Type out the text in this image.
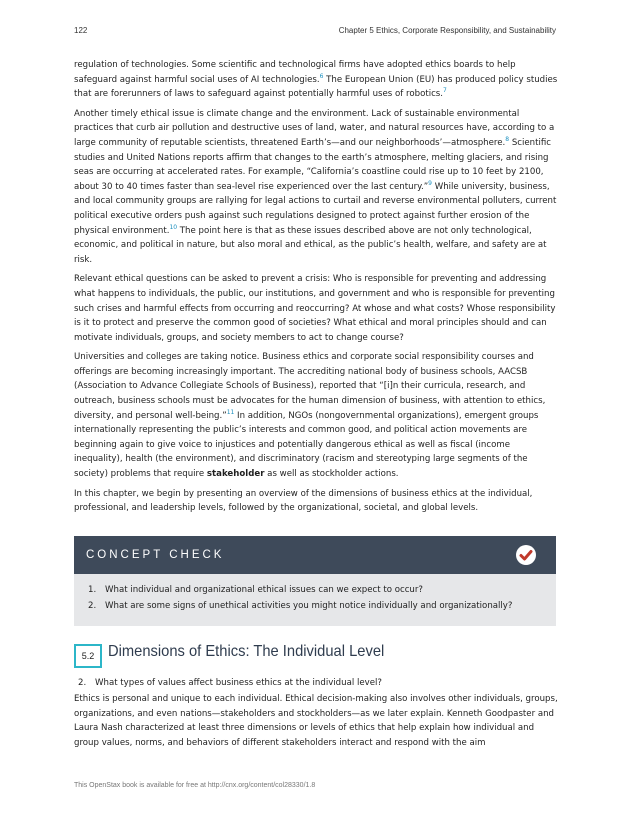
122	Chapter 5 Ethics, Corporate Responsibility, and Sustainability

regulation of technologies. Some scientific and technological firms have adopted ethics boards to help safeguard against harmful social uses of AI technologies.$^6$ The European Union (EU) has produced policy studies that are forerunners of laws to safeguard against potentially harmful uses of robotics.$^7$

Another timely ethical issue is climate change and the environment. Lack of sustainable environmental practices that curb air pollution and destructive uses of land, water, and natural resources have, according to a large community of reputable scientists, threatened Earth’s—and our neighborhoods’—atmosphere.$^8$ Scientific studies and United Nations reports affirm that changes to the earth’s atmosphere, melting glaciers, and rising seas are occurring at accelerated rates. For example, “California’s coastline could rise up to 10 feet by 2100, about 30 to 40 times faster than sea-level rise experienced over the last century.”$^9$ While university, business, and local community groups are rallying for legal actions to curtail and reverse environmental polluters, current political executive orders push against such regulations designed to protect against further erosion of the physical environment.$^{10}$ The point here is that as these issues described above are not only technological, economic, and political in nature, but also moral and ethical, as the public’s health, welfare, and safety are at risk.

Relevant ethical questions can be asked to prevent a crisis: Who is responsible for preventing and addressing what happens to individuals, the public, our institutions, and government and who is responsible for preventing such crises and harmful effects from occurring and reoccurring? At whose and what costs? Whose responsibility is it to protect and preserve the common good of societies? What ethical and moral principles should and can motivate individuals, groups, and society members to act to change course?

Universities and colleges are taking notice. Business ethics and corporate social responsibility courses and offerings are becoming increasingly important. The accrediting national body of business schools, AACSB (Association to Advance Collegiate Schools of Business), reported that “[i]n their curricula, research, and outreach, business schools must be advocates for the human dimension of business, with attention to ethics, diversity, and personal well-being.”$^{11}$ In addition, NGOs (nongovernmental organizations), emergent groups internationally representing the public’s interests and common good, and political action movements are beginning again to give voice to injustices and potentially dangerous ethical as well as fiscal (income inequality), health (the environment), and discriminatory (racism and stereotyping large segments of the society) problems that require stakeholder as well as stockholder actions.

In this chapter, we begin by presenting an overview of the dimensions of business ethics at the individual, professional, and leadership levels, followed by the organizational, societal, and global levels.

CONCEPT CHECK
1. What individual and organizational ethical issues can we expect to occur?
2. What are some signs of unethical activities you might notice individually and organizationally?
5.2 Dimensions of Ethics: The Individual Level
2. What types of values affect business ethics at the individual level?

Ethics is personal and unique to each individual. Ethical decision-making also involves other individuals, groups, organizations, and even nations—stakeholders and stockholders—as we later explain. Kenneth Goodpaster and Laura Nash characterized at least three dimensions or levels of ethics that help explain how individual and group values, norms, and behaviors of different stakeholders interact and respond with the aim

This OpenStax book is available for free at http://cnx.org/content/col28330/1.8
